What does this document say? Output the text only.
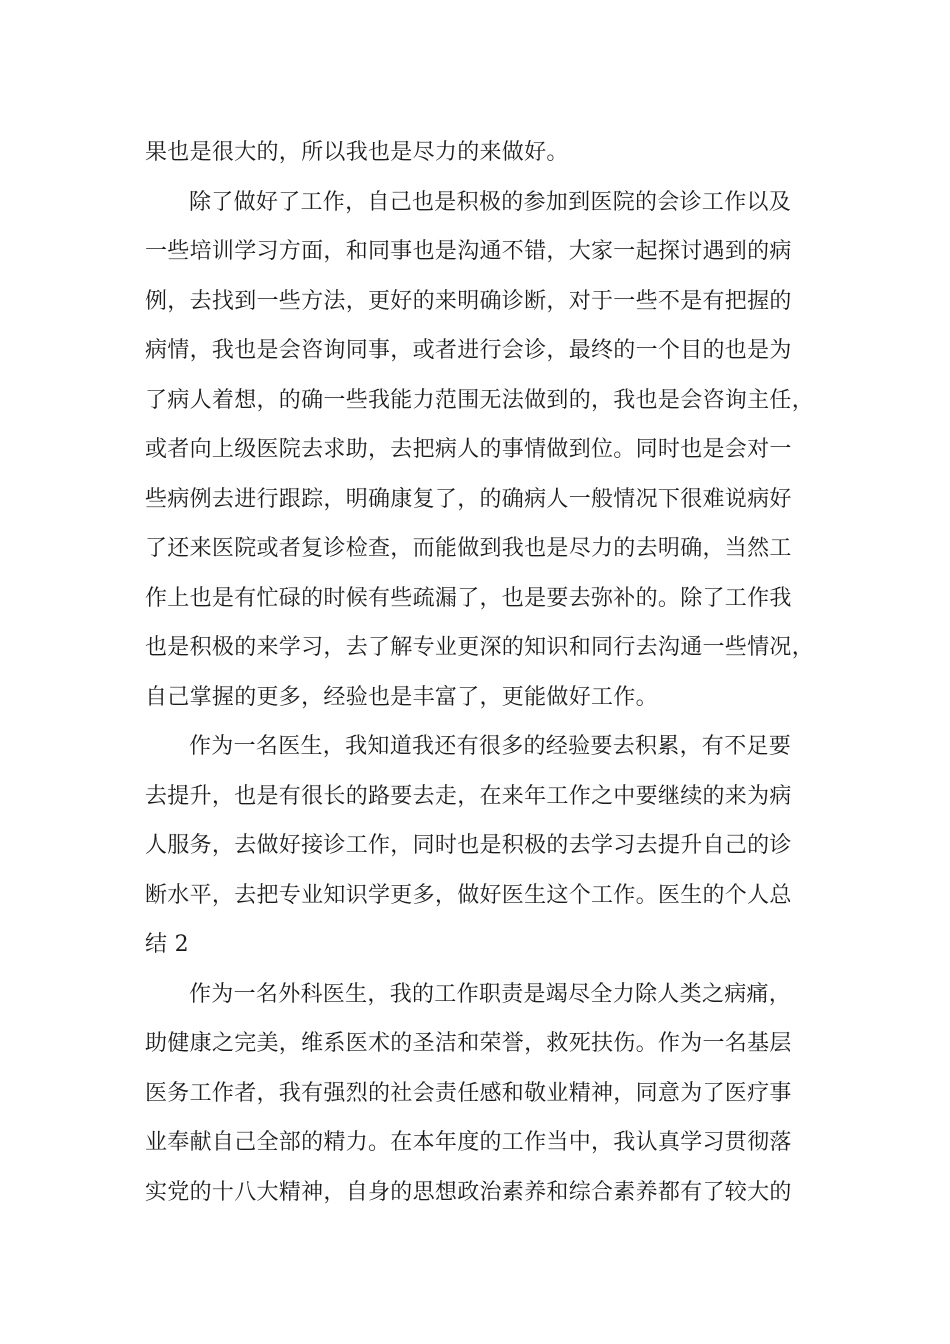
果也是很大的，所以我也是尽力的来做好。
除了做好了工作，自己也是积极的参加到医院的会诊工作以及
一些培训学习方面，和同事也是沟通不错，大家一起探讨遇到的病
例，去找到一些方法，更好的来明确诊断，对于一些不是有把握的
病情，我也是会咨询同事，或者进行会诊，最终的一个目的也是为
了病人着想，的确一些我能力范围无法做到的，我也是会咨询主任，
或者向上级医院去求助，去把病人的事情做到位。同时也是会对一
些病例去进行跟踪，明确康复了，的确病人一般情况下很难说病好
了还来医院或者复诊检查，而能做到我也是尽力的去明确，当然工
作上也是有忙碌的时候有些疏漏了，也是要去弥补的。除了工作我
也是积极的来学习，去了解专业更深的知识和同行去沟通一些情况，
自己掌握的更多，经验也是丰富了，更能做好工作。
作为一名医生，我知道我还有很多的经验要去积累，有不足要
去提升，也是有很长的路要去走，在来年工作之中要继续的来为病
人服务，去做好接诊工作，同时也是积极的去学习去提升自己的诊
断水平，去把专业知识学更多，做好医生这个工作。医生的个人总
结 2
作为一名外科医生，我的工作职责是竭尽全力除人类之病痛，
助健康之完美，维系医术的圣洁和荣誉，救死扶伤。作为一名基层
医务工作者，我有强烈的社会责任感和敬业精神，同意为了医疗事
业奉献自己全部的精力。在本年度的工作当中，我认真学习贯彻落
实党的十八大精神，自身的思想政治素养和综合素养都有了较大的
